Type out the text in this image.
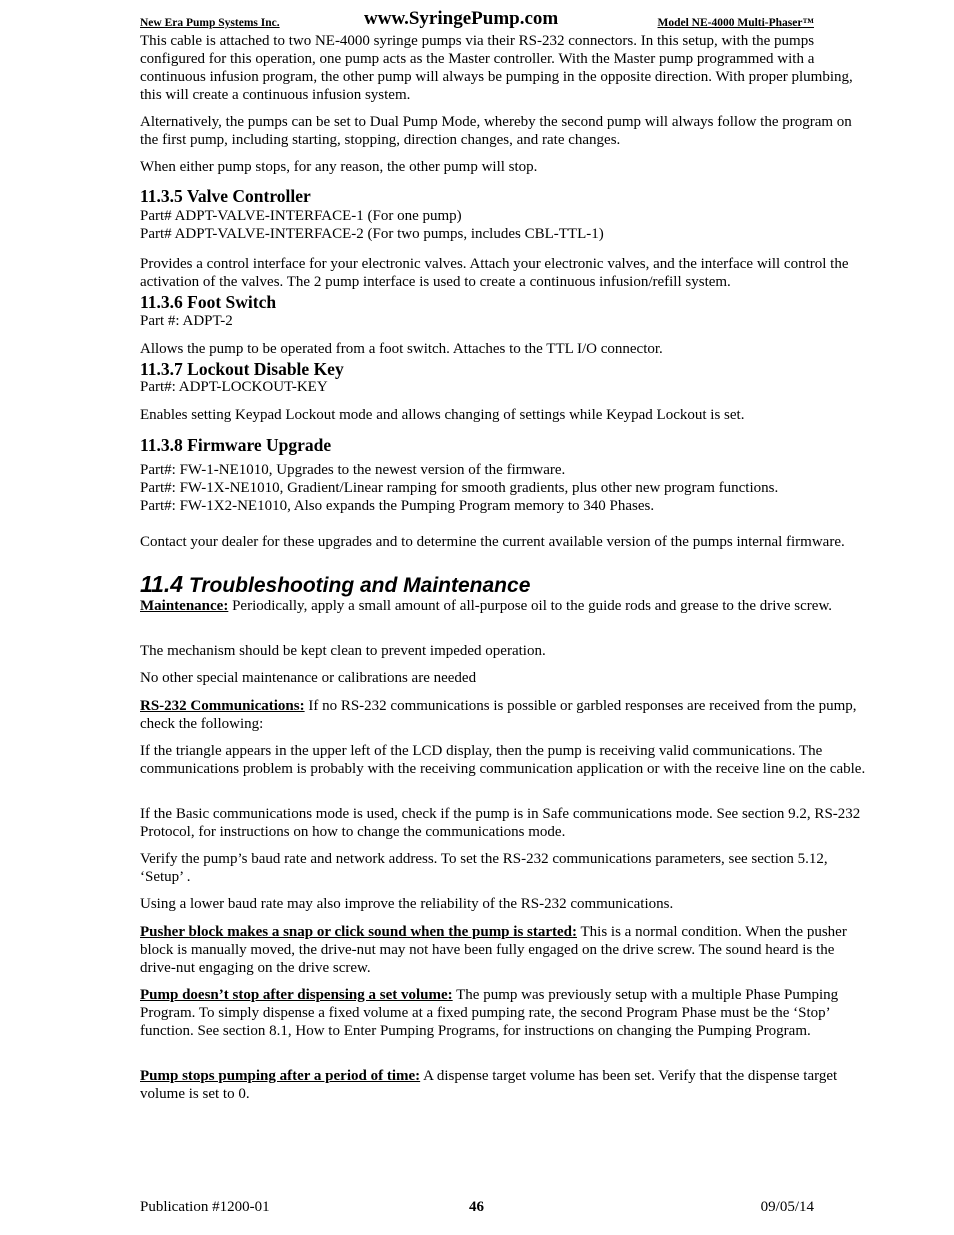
New Era Pump Systems Inc.	www.SyringePump.com	Model NE-4000 Multi-Phaser™
This cable is attached to two NE-4000 syringe pumps via their RS-232 connectors. In this setup, with the pumps configured for this operation, one pump acts as the Master controller. With the Master pump programmed with a continuous infusion program, the other pump will always be pumping in the opposite direction. With proper plumbing, this will create a continuous infusion system.
Alternatively, the pumps can be set to Dual Pump Mode, whereby the second pump will always follow the program on the first pump, including starting, stopping, direction changes, and rate changes.
When either pump stops, for any reason, the other pump will stop.
11.3.5 Valve Controller
Part# ADPT-VALVE-INTERFACE-1 (For one pump)
Part# ADPT-VALVE-INTERFACE-2 (For two pumps, includes CBL-TTL-1)
Provides a control interface for your electronic valves. Attach your electronic valves, and the interface will control the activation of the valves. The 2 pump interface is used to create a continuous infusion/refill system.
11.3.6 Foot Switch
Part #: ADPT-2
Allows the pump to be operated from a foot switch. Attaches to the TTL I/O connector.
11.3.7 Lockout Disable Key
Part#: ADPT-LOCKOUT-KEY
Enables setting Keypad Lockout mode and allows changing of settings while Keypad Lockout is set.
11.3.8 Firmware Upgrade
Part#: FW-1-NE1010, Upgrades to the newest version of the firmware.
Part#: FW-1X-NE1010, Gradient/Linear ramping for smooth gradients, plus other new program functions.
Part#: FW-1X2-NE1010, Also expands the Pumping Program memory to 340 Phases.
Contact your dealer for these upgrades and to determine the current available version of the pumps internal firmware.
11.4 Troubleshooting and Maintenance
Maintenance: Periodically, apply a small amount of all-purpose oil to the guide rods and grease to the drive screw.
The mechanism should be kept clean to prevent impeded operation.
No other special maintenance or calibrations are needed
RS-232 Communications: If no RS-232 communications is possible or garbled responses are received from the pump, check the following:
If the triangle appears in the upper left of the LCD display, then the pump is receiving valid communications. The communications problem is probably with the receiving communication application or with the receive line on the cable.
If the Basic communications mode is used, check if the pump is in Safe communications mode. See section 9.2, RS-232 Protocol, for instructions on how to change the communications mode.
Verify the pump’s baud rate and network address. To set the RS-232 communications parameters, see section 5.12, ‘Setup’ .
Using a lower baud rate may also improve the reliability of the RS-232 communications.
Pusher block makes a snap or click sound when the pump is started: This is a normal condition. When the pusher block is manually moved, the drive-nut may not have been fully engaged on the drive screw. The sound heard is the drive-nut engaging on the drive screw.
Pump doesn’t stop after dispensing a set volume: The pump was previously setup with a multiple Phase Pumping Program. To simply dispense a fixed volume at a fixed pumping rate, the second Program Phase must be the ‘Stop’ function. See section 8.1, How to Enter Pumping Programs, for instructions on changing the Pumping Program.
Pump stops pumping after a period of time: A dispense target volume has been set. Verify that the dispense target volume is set to 0.
Publication #1200-01	46	09/05/14
